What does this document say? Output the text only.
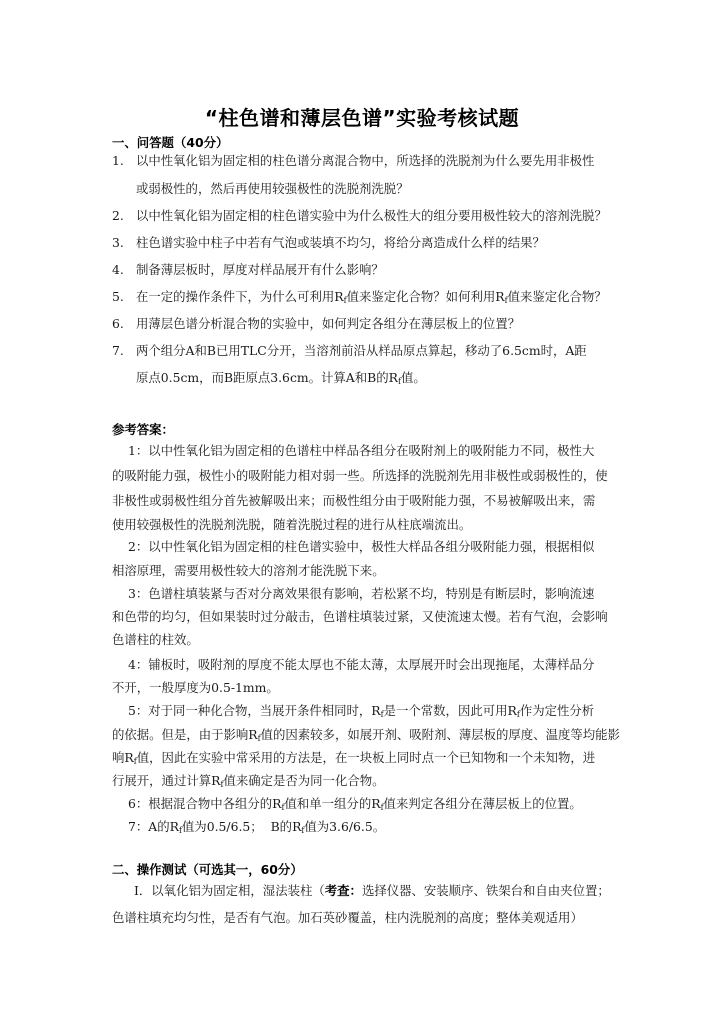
“柱色谱和薄层色谱”实验考核试题
一、问答题（40分）
1. 以中性氧化铝为固定相的柱色谱分离混合物中，所选择的洗脱剂为什么要先用非极性
或弱极性的，然后再使用较强极性的洗脱剂洗脱？
2. 以中性氧化铝为固定相的柱色谱实验中为什么极性大的组分要用极性较大的溶剂洗脱？
3. 柱色谱实验中柱子中若有气泡或装填不均匀，将给分离造成什么样的结果？
4. 制备薄层板时，厚度对样品展开有什么影响？
5. 在一定的操作条件下，为什么可利用$R_f$值来鉴定化合物？如何利用$R_f$值来鉴定化合物？
6. 用薄层色谱分析混合物的实验中，如何判定各组分在薄层板上的位置？
7. 两个组分A和B已用TLC分开，当溶剂前沿从样品原点算起，移动了6.5cm时，A距
原点0.5cm，而B距原点3.6cm。计算A和B的$R_f$值。
参考答案：
1：以中性氧化铝为固定相的色谱柱中样品各组分在吸附剂上的吸附能力不同，极性大
的吸附能力强，极性小的吸附能力相对弱一些。所选择的洗脱剂先用非极性或弱极性的，使
非极性或弱极性组分首先被解吸出来；而极性组分由于吸附能力强，不易被解吸出来，需
使用较强极性的洗脱剂洗脱，随着洗脱过程的进行从柱底端流出。
2：以中性氧化铝为固定相的柱色谱实验中，极性大样品各组分吸附能力强，根据相似
相溶原理，需要用极性较大的溶剂才能洗脱下来。
3：色谱柱填装紧与否对分离效果很有影响，若松紧不均，特别是有断层时，影响流速
和色带的均匀，但如果装时过分敲击，色谱柱填装过紧，又使流速太慢。若有气泡，会影响
色谱柱的柱效。
4：铺板时，吸附剂的厚度不能太厚也不能太薄，太厚展开时会出现拖尾，太薄样品分
不开，一般厚度为0.5-1mm。
5：对于同一种化合物，当展开条件相同时，$R_f$是一个常数，因此可用$R_f$作为定性分析
的依据。但是，由于影响$R_f$值的因素较多，如展开剂、吸附剂、薄层板的厚度、温度等均能影
响$R_f$值，因此在实验中常采用的方法是，在一块板上同时点一个已知物和一个未知物，进
行展开，通过计算$R_f$值来确定是否为同一化合物。
6：根据混合物中各组分的$R_f$值和单一组分的$R_f$值来判定各组分在薄层板上的位置。
7：A的$R_f$值为0.5/6.5； B的$R_f$值为3.6/6.5。
二、操作测试（可选其一，60分）
Ⅰ．以氧化铝为固定相，湿法装柱（考查：选择仪器、安装顺序、铁架台和自由夹位置；
色谱柱填充均匀性，是否有气泡。加石英砂覆盖，柱内洗脱剂的高度；整体美观适用）
